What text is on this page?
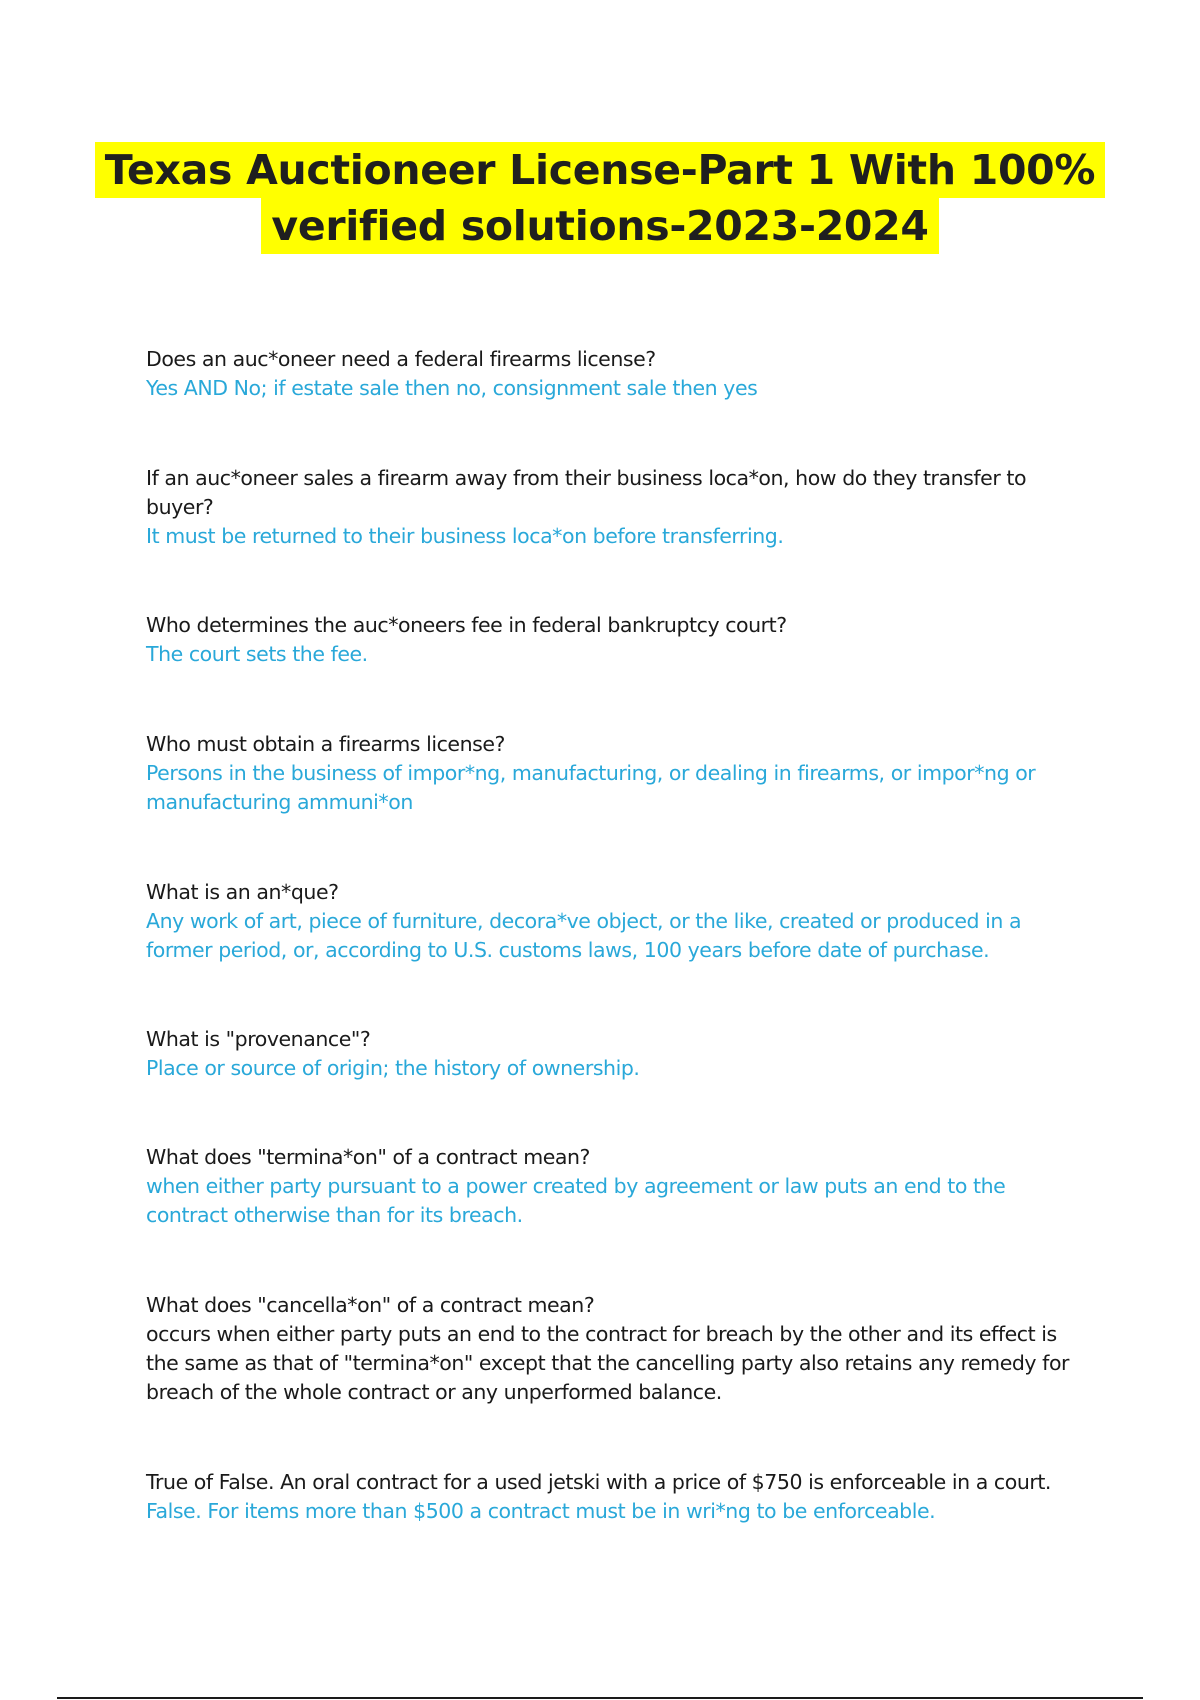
Texas Auctioneer License-Part 1 With 100%
verified solutions-2023-2024

Does an auc*oneer need a federal firearms license?

Yes AND No; if estate sale then no, consignment sale then yes

If an auc*oneer sales a firearm away from their business loca*on, how do they transfer to buyer?

It must be returned to their business loca*on before transferring.

Who determines the auc*oneers fee in federal bankruptcy court?

The court sets the fee.

Who must obtain a firearms license?

Persons in the business of impor*ng, manufacturing, or dealing in firearms, or impor*ng or manufacturing ammuni*on

What is an an*que?

Any work of art, piece of furniture, decora*ve object, or the like, created or produced in a former period, or, according to U.S. customs laws, 100 years before date of purchase.

What is "provenance"?

Place or source of origin; the history of ownership.

What does "termina*on" of a contract mean?

when either party pursuant to a power created by agreement or law puts an end to the contract otherwise than for its breach.

What does "cancella*on" of a contract mean?

occurs when either party puts an end to the contract for breach by the other and its effect is the same as that of "termina*on" except that the cancelling party also retains any remedy for breach of the whole contract or any unperformed balance.

True of False. An oral contract for a used jetski with a price of $750 is enforceable in a court.

False. For items more than $500 a contract must be in wri*ng to be enforceable.
